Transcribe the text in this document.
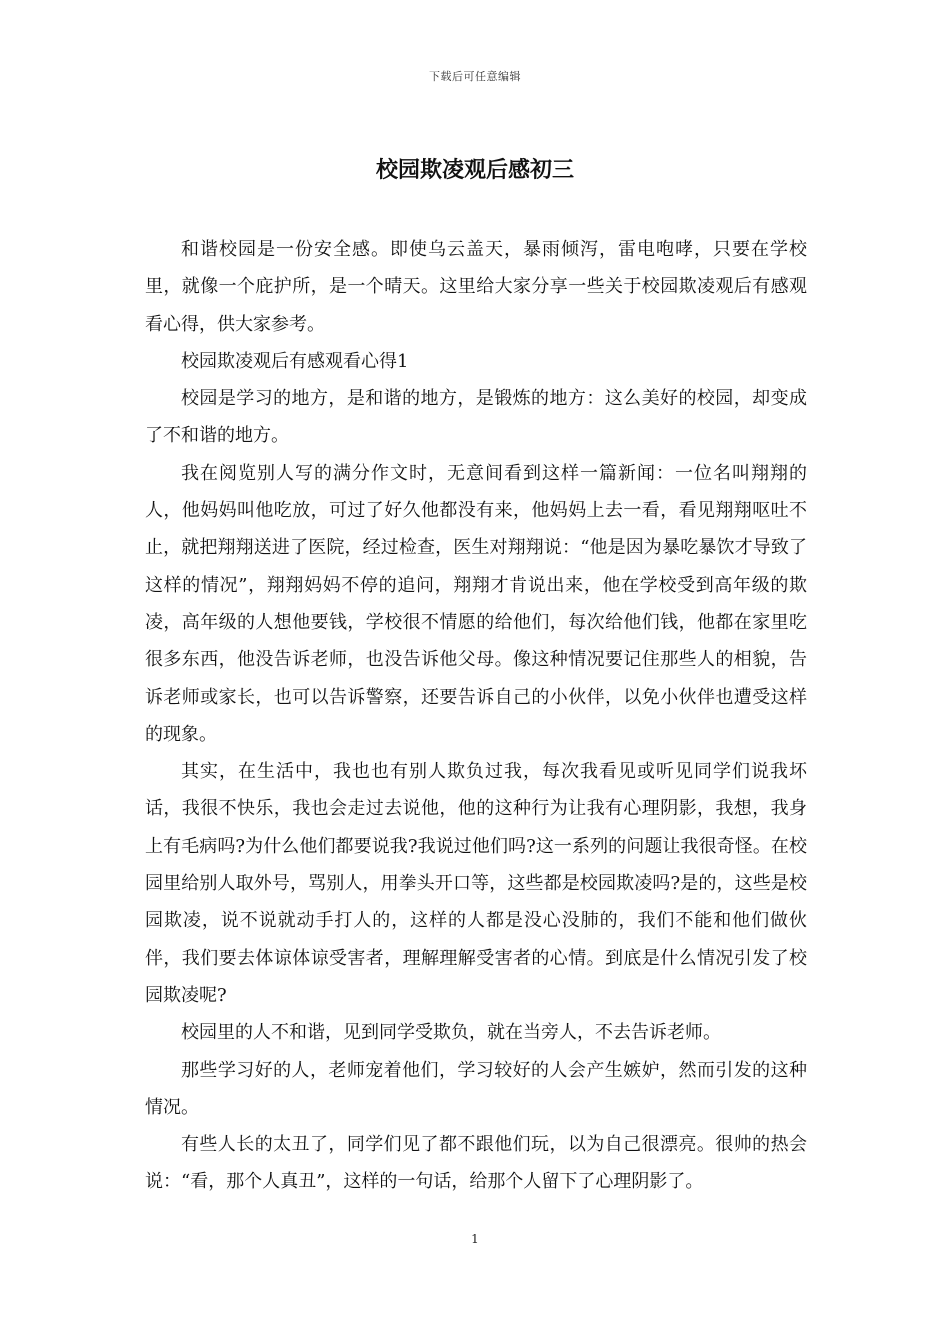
下载后可任意编辑
校园欺凌观后感初三

和谐校园是一份安全感。即使乌云盖天，暴雨倾泻，雷电咆哮，只要在学校里，就像一个庇护所，是一个晴天。这里给大家分享一些关于校园欺凌观后有感观看心得，供大家参考。

校园欺凌观后有感观看心得1

校园是学习的地方，是和谐的地方，是锻炼的地方：这么美好的校园，却变成了不和谐的地方。

我在阅览别人写的满分作文时，无意间看到这样一篇新闻：一位名叫翔翔的人，他妈妈叫他吃放，可过了好久他都没有来，他妈妈上去一看，看见翔翔呕吐不止，就把翔翔送进了医院，经过检查，医生对翔翔说：“他是因为暴吃暴饮才导致了这样的情况”，翔翔妈妈不停的追问，翔翔才肯说出来，他在学校受到高年级的欺凌，高年级的人想他要钱，学校很不情愿的给他们，每次给他们钱，他都在家里吃很多东西，他没告诉老师，也没告诉他父母。像这种情况要记住那些人的相貌，告诉老师或家长，也可以告诉警察，还要告诉自己的小伙伴，以免小伙伴也遭受这样的现象。

其实，在生活中，我也也有别人欺负过我，每次我看见或听见同学们说我坏话，我很不快乐，我也会走过去说他，他的这种行为让我有心理阴影，我想，我身上有毛病吗?为什么他们都要说我?我说过他们吗?这一系列的问题让我很奇怪。在校园里给别人取外号，骂别人，用拳头开口等，这些都是校园欺凌吗?是的，这些是校园欺凌，说不说就动手打人的，这样的人都是没心没肺的，我们不能和他们做伙伴，我们要去体谅体谅受害者，理解理解受害者的心情。到底是什么情况引发了校园欺凌呢?

校园里的人不和谐，见到同学受欺负，就在当旁人，不去告诉老师。

那些学习好的人，老师宠着他们，学习较好的人会产生嫉妒，然而引发的这种情况。

有些人长的太丑了，同学们见了都不跟他们玩，以为自己很漂亮。很帅的热会说：“看，那个人真丑”，这样的一句话，给那个人留下了心理阴影了。

1
